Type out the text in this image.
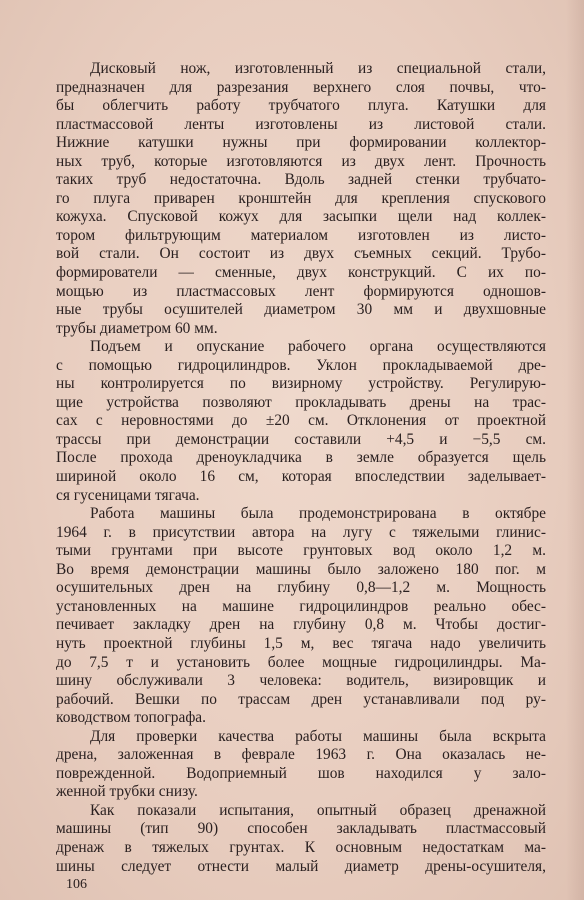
Дисковый нож, изготовленный из специальной стали,
предназначен для разрезания верхнего слоя почвы, что-
бы облегчить работу трубчатого плуга. Катушки для
пластмассовой ленты изготовлены из листовой стали.
Нижние катушки нужны при формировании коллектор-
ных труб, которые изготовляются из двух лент. Прочность
таких труб недостаточна. Вдоль задней стенки трубчато-
го плуга приварен кронштейн для крепления спускового
кожуха. Спусковой кожух для засыпки щели над коллек-
тором фильтрующим материалом изготовлен из листо-
вой стали. Он состоит из двух съемных секций. Трубо-
формирователи — сменные, двух конструкций. С их по-
мощью из пластмассовых лент формируются одношов-
ные трубы осушителей диаметром 30 мм и двухшовные
трубы диаметром 60 мм.
Подъем и опускание рабочего органа осуществляются
с помощью гидроцилиндров. Уклон прокладываемой дре-
ны контролируется по визирному устройству. Регулирую-
щие устройства позволяют прокладывать дрены на трас-
сах с неровностями до ±20 см. Отклонения от проектной
трассы при демонстрации составили +4,5 и −5,5 см.
После прохода дреноукладчика в земле образуется щель
шириной около 16 см, которая впоследствии заделывает-
ся гусеницами тягача.
Работа машины была продемонстрирована в октябре
1964 г. в присутствии автора на лугу с тяжелыми глинис-
тыми грунтами при высоте грунтовых вод около 1,2 м.
Во время демонстрации машины было заложено 180 пог. м
осушительных дрен на глубину 0,8—1,2 м. Мощность
установленных на машине гидроцилиндров реально обес-
печивает закладку дрен на глубину 0,8 м. Чтобы достиг-
нуть проектной глубины 1,5 м, вес тягача надо увеличить
до 7,5 т и установить более мощные гидроцилиндры. Ма-
шину обслуживали 3 человека: водитель, визировщик и
рабочий. Вешки по трассам дрен устанавливали под ру-
ководством топографа.
Для проверки качества работы машины была вскрыта
дрена, заложенная в феврале 1963 г. Она оказалась не-
поврежденной. Водоприемный шов находился у зало-
женной трубки снизу.
Как показали испытания, опытный образец дренажной
машины (тип 90) способен закладывать пластмассовый
дренаж в тяжелых грунтах. К основным недостаткам ма-
шины следует отнести малый диаметр дрены-осушителя,
106
